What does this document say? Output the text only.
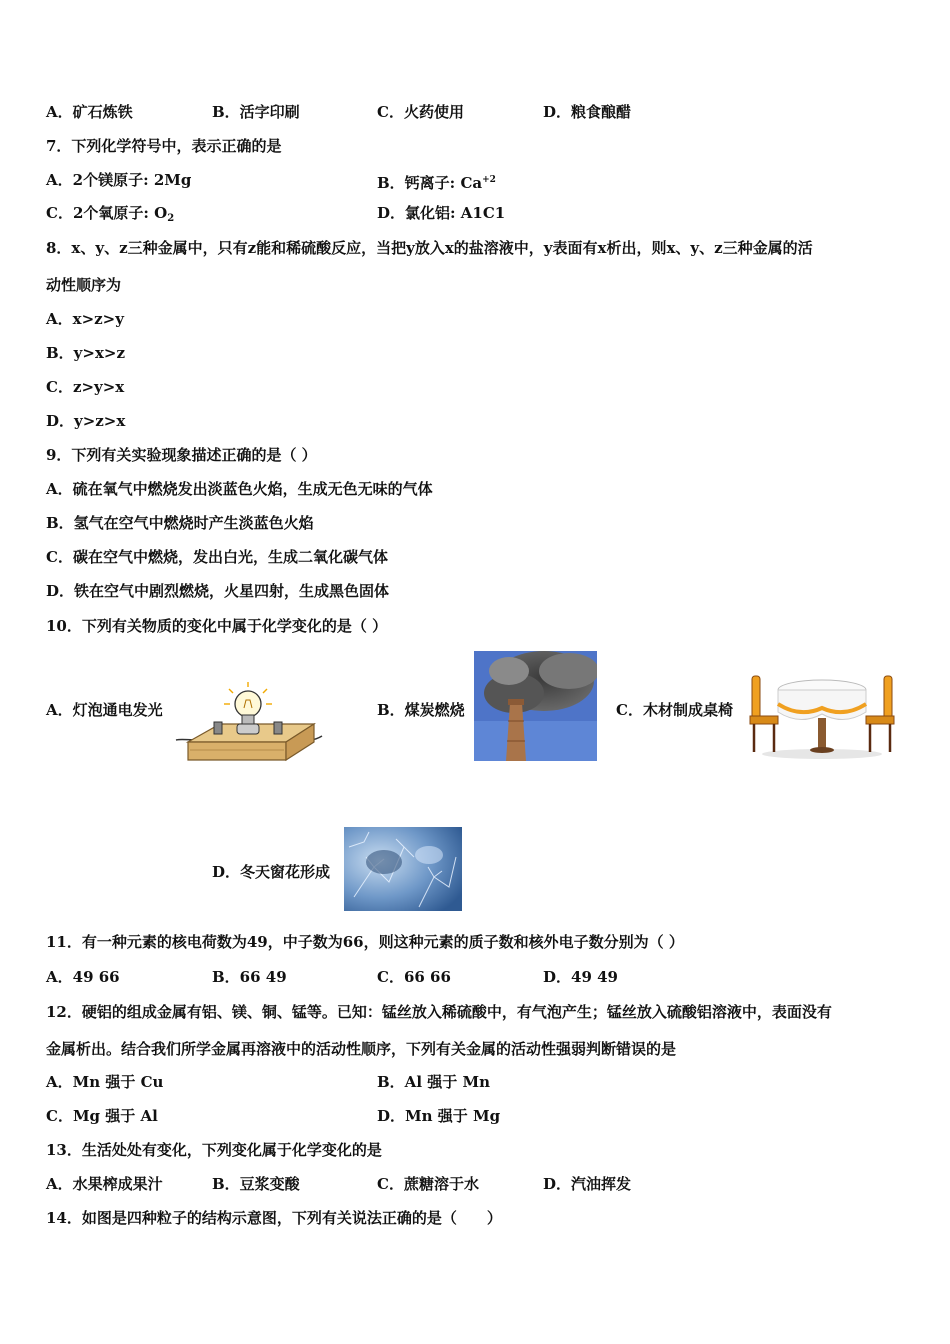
A．矿石炼铁	B．活字印刷	C．火药使用	D．粮食酿醋
7．下列化学符号中，表示正确的是
A．2个镁原子: 2Mg	B．钙离子: $Ca^{+2}$
C．2个氧原子: $O_2$	D．氯化铝: A1C1
8．x、y、z三种金属中，只有z能和稀硫酸反应，当把y放入x的盐溶液中，y表面有x析出，则x、y、z三种金属的活
动性顺序为
A．x>z>y
B．y>x>z
C．z>y>x
D．y>z>x
9．下列有关实验现象描述正确的是（ ）
A．硫在氧气中燃烧发出淡蓝色火焰，生成无色无味的气体
B．氢气在空气中燃烧时产生淡蓝色火焰
C．碳在空气中燃烧，发出白光，生成二氧化碳气体
D．铁在空气中剧烈燃烧，火星四射，生成黑色固体
10．下列有关物质的变化中属于化学变化的是（ ）
A．灯泡通电发光	B．煤炭燃烧	C．木材制成桌椅
D．冬天窗花形成
11．有一种元素的核电荷数为49，中子数为66，则这种元素的质子数和核外电子数分别为（ ）
A．49 66	B．66 49	C．66 66	D．49 49
12．硬铝的组成金属有铝、镁、铜、锰等。已知：锰丝放入稀硫酸中，有气泡产生；锰丝放入硫酸铝溶液中，表面没有
金属析出。结合我们所学金属再溶液中的活动性顺序，下列有关金属的活动性强弱判断错误的是
A．Mn 强于 Cu	B．Al 强于 Mn
C．Mg 强于 Al	D．Mn 强于 Mg
13．生活处处有变化，下列变化属于化学变化的是
A．水果榨成果汁	B．豆浆变酸	C．蔗糖溶于水	D．汽油挥发
14．如图是四种粒子的结构示意图，下列有关说法正确的是（　　）
